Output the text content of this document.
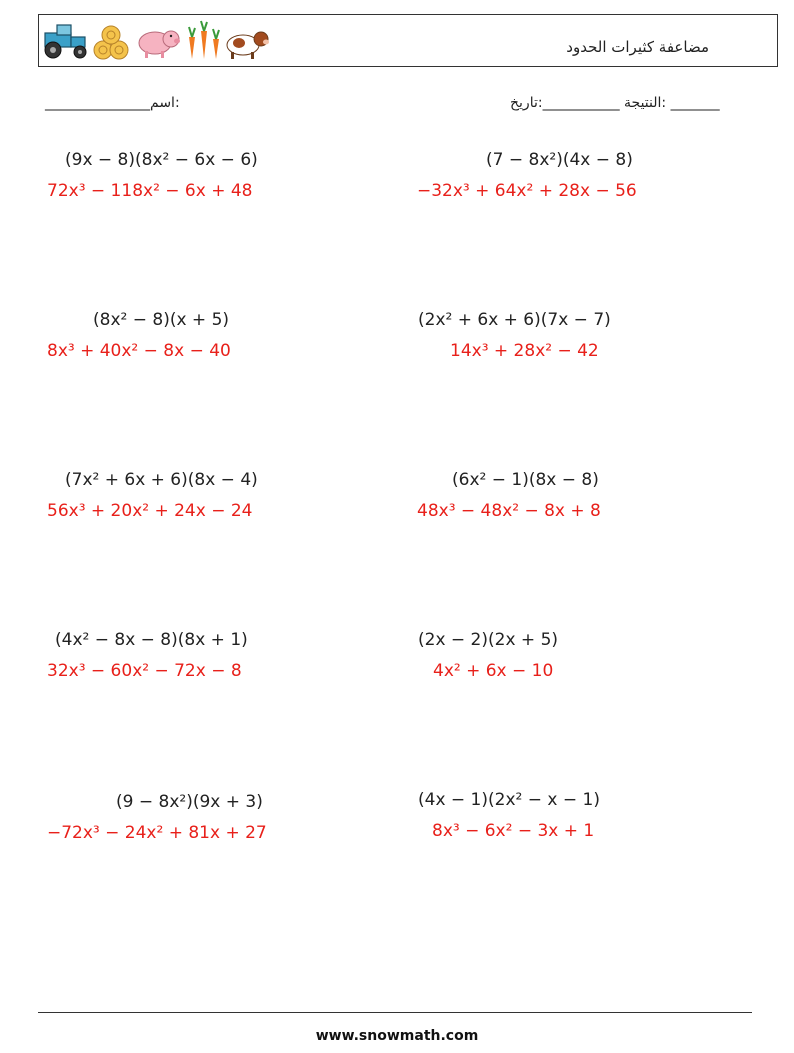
مضاعفة كثيرات الحدود
_______________اسم:	النتيجة ___________:تاريخ: _______
(9x − 8)(8x² − 6x − 6)
72x³ − 118x² − 6x + 48
(7 − 8x²)(4x − 8)
−32x³ + 64x² + 28x − 56
(8x² − 8)(x + 5)
8x³ + 40x² − 8x − 40
(2x² + 6x + 6)(7x − 7)
14x³ + 28x² − 42
(7x² + 6x + 6)(8x − 4)
56x³ + 20x² + 24x − 24
(6x² − 1)(8x − 8)
48x³ − 48x² − 8x + 8
(4x² − 8x − 8)(8x + 1)
32x³ − 60x² − 72x − 8
(2x − 2)(2x + 5)
4x² + 6x − 10
(9 − 8x²)(9x + 3)
−72x³ − 24x² + 81x + 27
(4x − 1)(2x² − x − 1)
8x³ − 6x² − 3x + 1
www.snowmath.com
